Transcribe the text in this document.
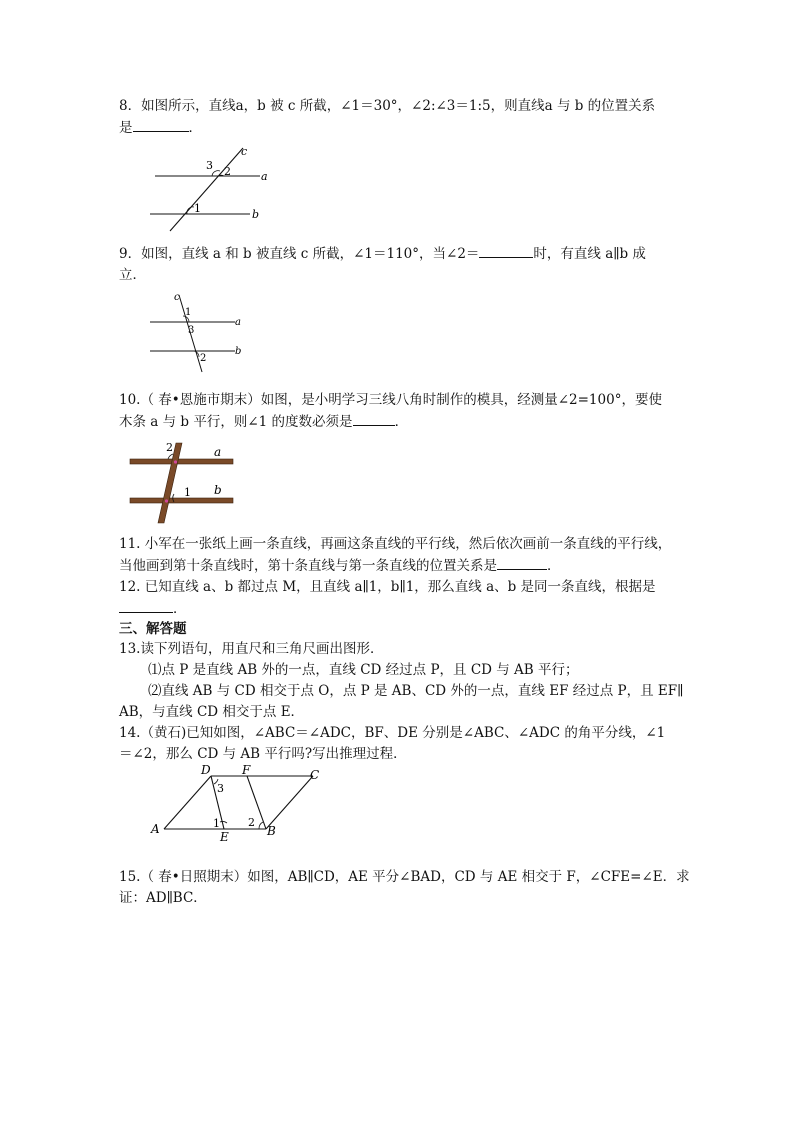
8．如图所示，直线a，b 被 c 所截，∠1＝30°，∠2:∠3＝1:5，则直线a 与 b 的位置关系
是	．
c
a
b
3 2
1
9．如图，直线 a 和 b 被直线 c 所截，∠1＝110°，当∠2＝	时，有直线 a∥b 成
立．
c
a
b
1
3
2
10.（ 春•恩施市期末）如图，是小明学习三线八角时制作的模具，经测量∠2=100°，要使
木条 a 与 b 平行，则∠1 的度数必须是	．
2
1
a
b
11. 小军在一张纸上画一条直线，再画这条直线的平行线，然后依次画前一条直线的平行线，
当他画到第十条直线时，第十条直线与第一条直线的位置关系是	．
12. 已知直线 a、b 都过点 M，且直线 a∥1，b∥1，那么直线 a、b 是同一条直线，根据是
．
三、解答题
13.读下列语句，用直尺和三角尺画出图形．
⑴点 P 是直线 AB 外的一点，直线 CD 经过点 P，且 CD 与 AB 平行；
⑵直线 AB 与 CD 相交于点 O，点 P 是 AB、CD 外的一点，直线 EF 经过点 P，且 EF∥
AB，与直线 CD 相交于点 E．
14.（黄石)已知如图，∠ABC＝∠ADC，BF、DE 分别是∠ABC、∠ADC 的角平分线，∠1
＝∠2，那么 CD 与 AB 平行吗?写出推理过程．
D	F	C
A
E	B
3
1	2
15.（ 春•日照期末）如图，AB∥CD，AE 平分∠BAD，CD 与 AE 相交于 F，∠CFE=∠E．求
证：AD∥BC．
